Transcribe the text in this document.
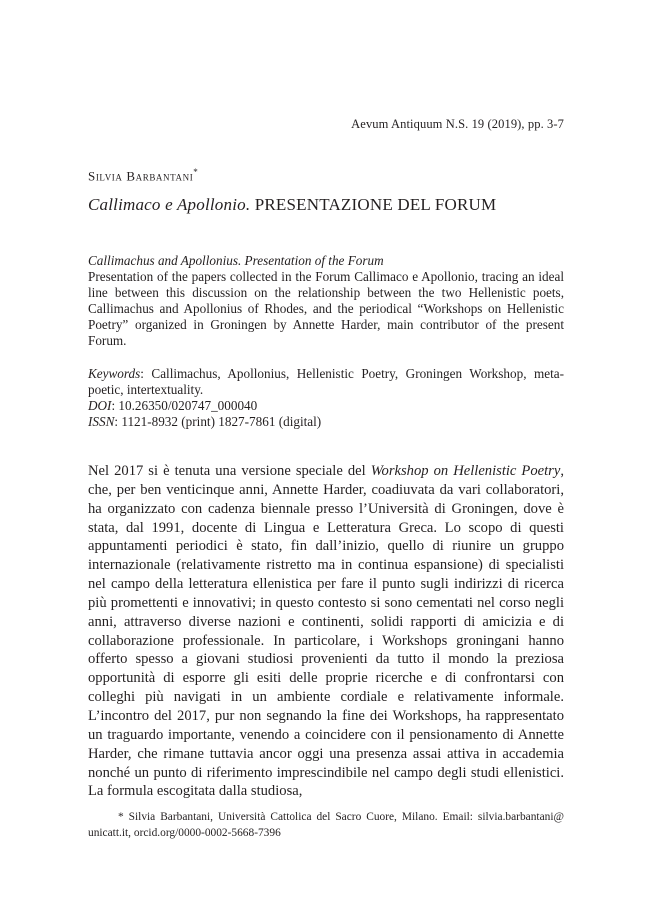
Aevum Antiquum N.S. 19 (2019), pp. 3-7
Silvia Barbantani*
Callimaco e Apollonio. PRESENTAZIONE DEL FORUM

Callimachus and Apollonius. Presentation of the Forum

Presentation of the papers collected in the Forum Callimaco e Apollonio, tracing an ideal line between this discussion on the relationship between the two Hellenistic poets, Callimachus and Apollonius of Rhodes, and the periodical “Workshops on Hellenistic Poetry” organized in Groningen by Annette Harder, main contributor of the present Forum.

Keywords: Callimachus, Apollonius, Hellenistic Poetry, Groningen Workshop, metapoetic, intertextuality.
DOI: 10.26350/020747_000040
ISSN: 1121-8932 (print) 1827-7861 (digital)

Nel 2017 si è tenuta una versione speciale del Workshop on Hellenistic Poetry, che, per ben venticinque anni, Annette Harder, coadiuvata da vari collaboratori, ha organizzato con cadenza biennale presso l’Università di Groningen, dove è stata, dal 1991, docente di Lingua e Letteratura Greca. Lo scopo di questi appuntamenti periodici è stato, fin dall’inizio, quello di riunire un gruppo internazionale (relativamente ristretto ma in continua espansione) di specialisti nel campo della letteratura ellenistica per fare il punto sugli indirizzi di ricerca più promettenti e innovativi; in questo contesto si sono cementati nel corso negli anni, attraverso diverse nazioni e continenti, solidi rapporti di amicizia e di collaborazione professionale. In particolare, i Workshops groningani hanno offerto spesso a giovani studiosi provenienti da tutto il mondo la preziosa opportunità di esporre gli esiti delle proprie ricerche e di confrontarsi con colleghi più navigati in un ambiente cordiale e relativamente informale. L’incontro del 2017, pur non segnando la fine dei Workshops, ha rappresentato un traguardo importante, venendo a coincidere con il pensionamento di Annette Harder, che rimane tuttavia ancor oggi una presenza assai attiva in accademia nonché un punto di riferimento imprescindibile nel campo degli studi ellenistici. La formula escogitata dalla studiosa,

* Silvia Barbantani, Università Cattolica del Sacro Cuore, Milano. Email: silvia.barbantani@ unicatt.it, orcid.org/0000-0002-5668-7396
